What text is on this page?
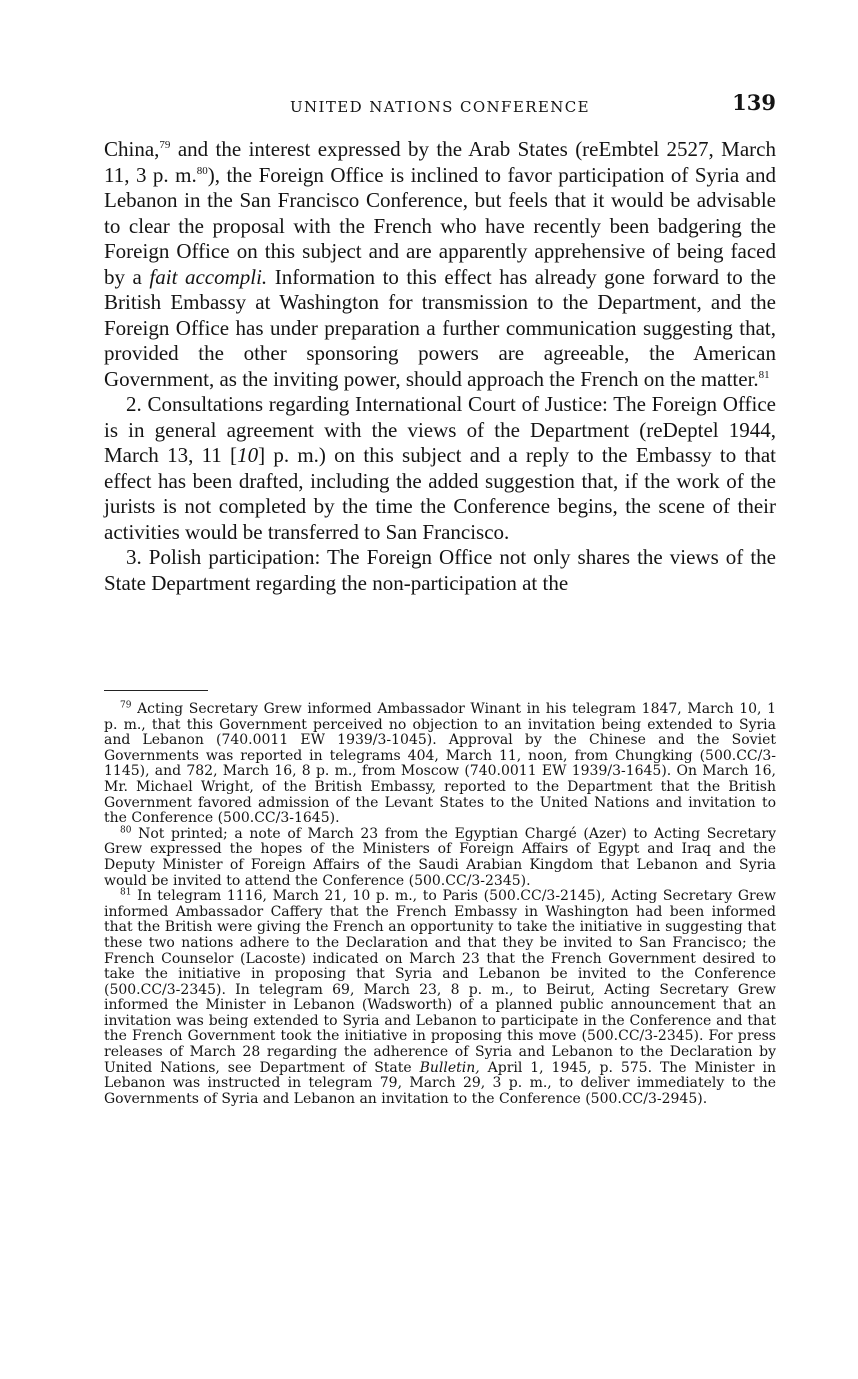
UNITED NATIONS CONFERENCE	139

China,$^{79}$ and the interest expressed by the Arab States (reEmbtel 2527, March 11, 3 p. m.$^{80}$), the Foreign Office is inclined to favor participation of Syria and Lebanon in the San Francisco Conference, but feels that it would be advisable to clear the proposal with the French who have recently been badgering the Foreign Office on this subject and are apparently apprehensive of being faced by a fait accompli. Information to this effect has already gone forward to the British Embassy at Washington for transmission to the Department, and the Foreign Office has under preparation a further communication suggesting that, provided the other sponsoring powers are agreeable, the American Government, as the inviting power, should approach the French on the matter.$^{81}$

2. Consultations regarding International Court of Justice: The Foreign Office is in general agreement with the views of the Department (reDeptel 1944, March 13, 11 [10] p. m.) on this subject and a reply to the Embassy to that effect has been drafted, including the added suggestion that, if the work of the jurists is not completed by the time the Conference begins, the scene of their activities would be transferred to San Francisco.

3. Polish participation: The Foreign Office not only shares the views of the State Department regarding the non-participation at the

$^{79}$ Acting Secretary Grew informed Ambassador Winant in his telegram 1847, March 10, 1 p. m., that this Government perceived no objection to an invitation being extended to Syria and Lebanon (740.0011 EW 1939/3-1045). Approval by the Chinese and the Soviet Governments was reported in telegrams 404, March 11, noon, from Chungking (500.CC/3-1145), and 782, March 16, 8 p. m., from Moscow (740.0011 EW 1939/3-1645). On March 16, Mr. Michael Wright, of the British Embassy, reported to the Department that the British Government favored admission of the Levant States to the United Nations and invitation to the Conference (500.CC/3-1645).

$^{80}$ Not printed; a note of March 23 from the Egyptian Chargé (Azer) to Acting Secretary Grew expressed the hopes of the Ministers of Foreign Affairs of Egypt and Iraq and the Deputy Minister of Foreign Affairs of the Saudi Arabian Kingdom that Lebanon and Syria would be invited to attend the Conference (500.CC/3-2345).

$^{81}$ In telegram 1116, March 21, 10 p. m., to Paris (500.CC/3-2145), Acting Secretary Grew informed Ambassador Caffery that the French Embassy in Washington had been informed that the British were giving the French an opportunity to take the initiative in suggesting that these two nations adhere to the Declaration and that they be invited to San Francisco; the French Counselor (Lacoste) indicated on March 23 that the French Government desired to take the initiative in proposing that Syria and Lebanon be invited to the Conference (500.CC/3-2345). In telegram 69, March 23, 8 p. m., to Beirut, Acting Secretary Grew informed the Minister in Lebanon (Wadsworth) of a planned public announcement that an invitation was being extended to Syria and Lebanon to participate in the Conference and that the French Government took the initiative in proposing this move (500.CC/3-2345). For press releases of March 28 regarding the adherence of Syria and Lebanon to the Declaration by United Nations, see Department of State Bulletin, April 1, 1945, p. 575. The Minister in Lebanon was instructed in telegram 79, March 29, 3 p. m., to deliver immediately to the Governments of Syria and Lebanon an invitation to the Conference (500.CC/3-2945).
